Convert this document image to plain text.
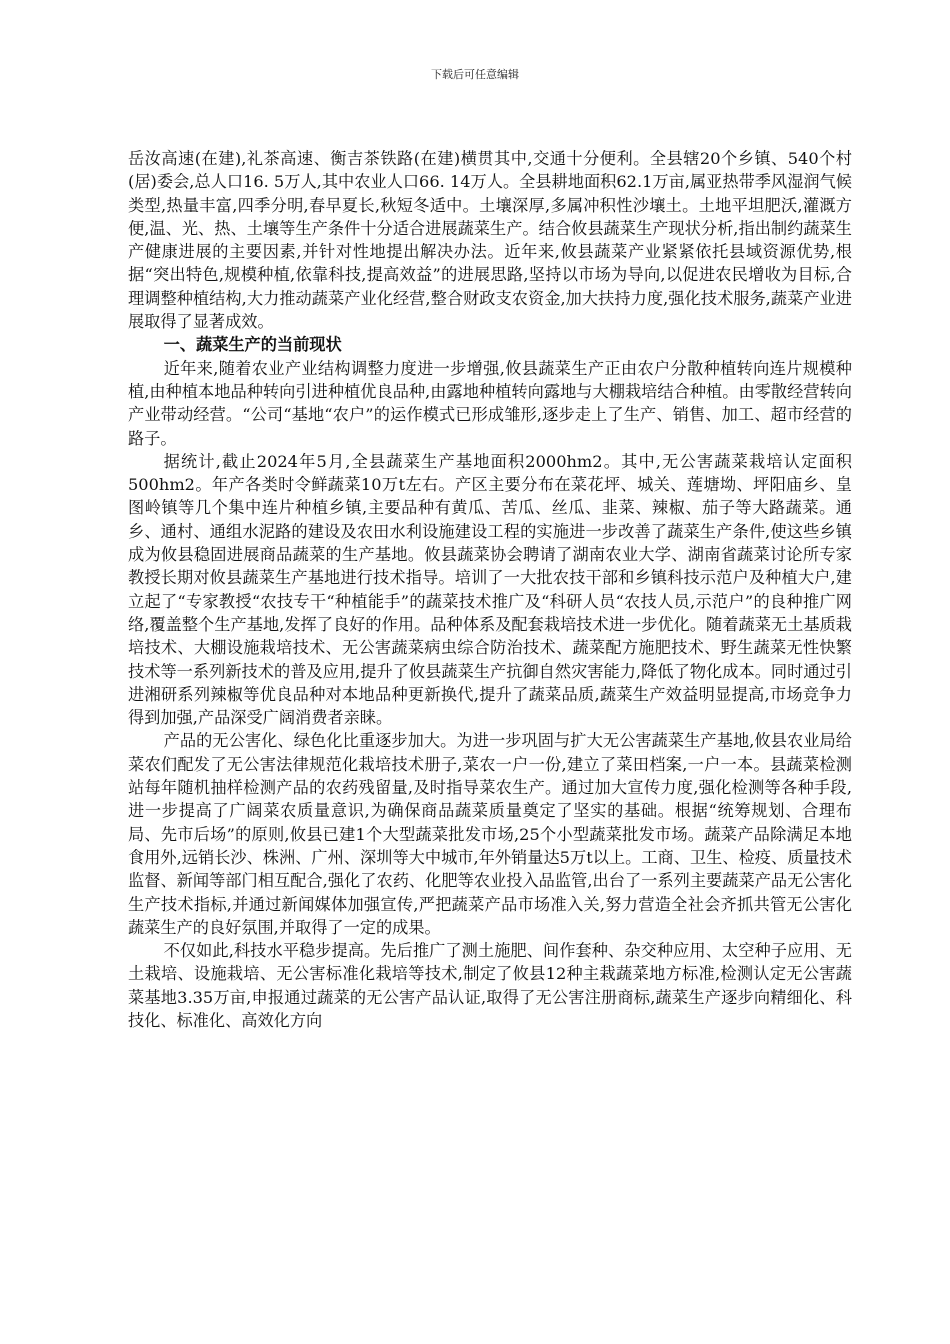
下载后可任意编辑

岳汝高速(在建),礼茶高速、衡吉茶铁路(在建)横贯其中,交通十分便利。全县辖20个乡镇、540个村(居)委会,总人口16. 5万人,其中农业人口66. 14万人。全县耕地面积62.1万亩,属亚热带季风湿润气候类型,热量丰富,四季分明,春早夏长,秋短冬适中。土壤深厚,多属冲积性沙壤土。土地平坦肥沃,灌溉方便,温、光、热、土壤等生产条件十分适合进展蔬菜生产。结合攸县蔬菜生产现状分析,指出制约蔬菜生产健康进展的主要因素,并针对性地提出解决办法。近年来,攸县蔬菜产业紧紧依托县域资源优势,根据“突出特色,规模种植,依靠科技,提高效益”的进展思路,坚持以市场为导向,以促进农民增收为目标,合理调整种植结构,大力推动蔬菜产业化经营,整合财政支农资金,加大扶持力度,强化技术服务,蔬菜产业进展取得了显著成效。

一、蔬菜生产的当前现状

近年来,随着农业产业结构调整力度进一步增强,攸县蔬菜生产正由农户分散种植转向连片规模种植,由种植本地品种转向引进种植优良品种,由露地种植转向露地与大棚栽培结合种植。由零散经营转向产业带动经营。“公司“基地“农户”的运作模式已形成雏形,逐步走上了生产、销售、加工、超市经营的路子。

据统计,截止2024年5月,全县蔬菜生产基地面积2000hm2。其中,无公害蔬菜栽培认定面积500hm2。年产各类时令鲜蔬菜10万t左右。产区主要分布在菜花坪、城关、莲塘坳、坪阳庙乡、皇图岭镇等几个集中连片种植乡镇,主要品种有黄瓜、苦瓜、丝瓜、韭菜、辣椒、茄子等大路蔬菜。通乡、通村、通组水泥路的建设及农田水利设施建设工程的实施进一步改善了蔬菜生产条件,使这些乡镇成为攸县稳固进展商品蔬菜的生产基地。攸县蔬菜协会聘请了湖南农业大学、湖南省蔬菜讨论所专家教授长期对攸县蔬菜生产基地进行技术指导。培训了一大批农技干部和乡镇科技示范户及种植大户,建立起了“专家教授“农技专干“种植能手”的蔬菜技术推广及“科研人员“农技人员,示范户”的良种推广网络,覆盖整个生产基地,发挥了良好的作用。品种体系及配套栽培技术进一步优化。随着蔬菜无土基质栽培技术、大棚设施栽培技术、无公害蔬菜病虫综合防治技术、蔬菜配方施肥技术、野生蔬菜无性快繁技术等一系列新技术的普及应用,提升了攸县蔬菜生产抗御自然灾害能力,降低了物化成本。同时通过引进湘研系列辣椒等优良品种对本地品种更新换代,提升了蔬菜品质,蔬菜生产效益明显提高,市场竞争力得到加强,产品深受广阔消费者亲睐。

产品的无公害化、绿色化比重逐步加大。为进一步巩固与扩大无公害蔬菜生产基地,攸县农业局给菜农们配发了无公害法律规范化栽培技术册子,菜农一户一份,建立了菜田档案,一户一本。县蔬菜检测站每年随机抽样检测产品的农药残留量,及时指导菜农生产。通过加大宣传力度,强化检测等各种手段,进一步提高了广阔菜农质量意识,为确保商品蔬菜质量奠定了坚实的基础。根据“统筹规划、合理布局、先市后场”的原则,攸县已建1个大型蔬菜批发市场,25个小型蔬菜批发市场。蔬菜产品除满足本地食用外,远销长沙、株洲、广州、深圳等大中城市,年外销量达5万t以上。工商、卫生、检疫、质量技术监督、新闻等部门相互配合,强化了农药、化肥等农业投入品监管,出台了一系列主要蔬菜产品无公害化生产技术指标,并通过新闻媒体加强宣传,严把蔬菜产品市场准入关,努力营造全社会齐抓共管无公害化蔬菜生产的良好氛围,并取得了一定的成果。

不仅如此,科技水平稳步提高。先后推广了测土施肥、间作套种、杂交种应用、太空种子应用、无土栽培、设施栽培、无公害标准化栽培等技术,制定了攸县12种主栽蔬菜地方标准,检测认定无公害蔬菜基地3.35万亩,申报通过蔬菜的无公害产品认证,取得了无公害注册商标,蔬菜生产逐步向精细化、科技化、标准化、高效化方向
